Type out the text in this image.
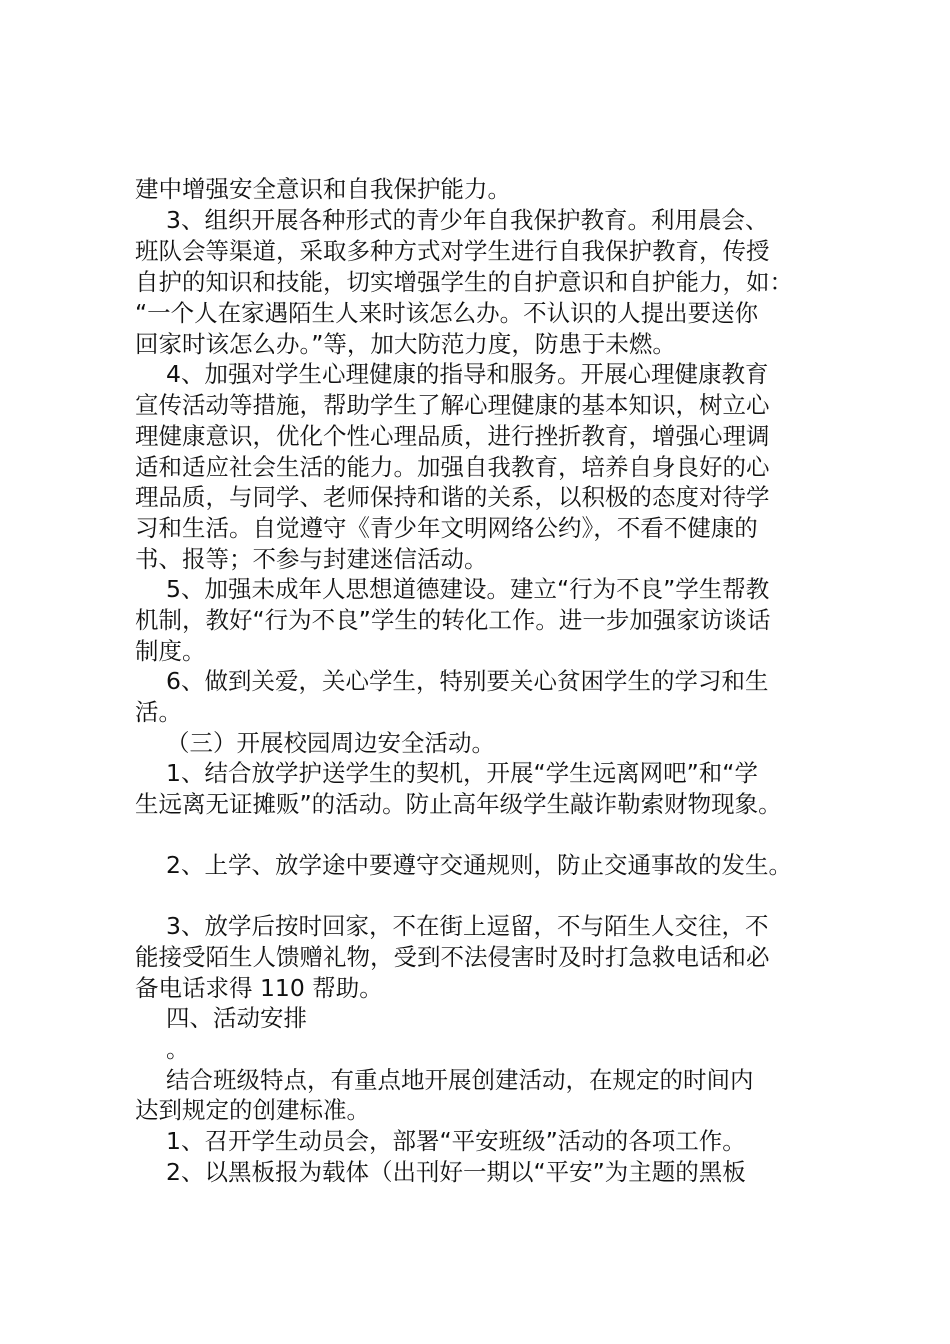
建中增强安全意识和自我保护能力。
3、组织开展各种形式的青少年自我保护教育。利用晨会、
班队会等渠道，采取多种方式对学生进行自我保护教育，传授
自护的知识和技能，切实增强学生的自护意识和自护能力，如：
“一个人在家遇陌生人来时该怎么办。不认识的人提出要送你
回家时该怎么办。”等，加大防范力度，防患于未燃。
4、加强对学生心理健康的指导和服务。开展心理健康教育
宣传活动等措施，帮助学生了解心理健康的基本知识，树立心
理健康意识，优化个性心理品质，进行挫折教育，增强心理调
适和适应社会生活的能力。加强自我教育，培养自身良好的心
理品质，与同学、老师保持和谐的关系，以积极的态度对待学
习和生活。自觉遵守《青少年文明网络公约》，不看不健康的
书、报等；不参与封建迷信活动。
5、加强未成年人思想道德建设。建立“行为不良”学生帮教
机制，教好“行为不良”学生的转化工作。进一步加强家访谈话
制度。
6、做到关爱，关心学生，特别要关心贫困学生的学习和生
活。
（三）开展校园周边安全活动。
1、结合放学护送学生的契机，开展“学生远离网吧”和“学
生远离无证摊贩”的活动。防止高年级学生敲诈勒索财物现象。
2、上学、放学途中要遵守交通规则，防止交通事故的发生。
3、放学后按时回家，不在街上逗留，不与陌生人交往，不
能接受陌生人馈赠礼物，受到不法侵害时及时打急救电话和必
备电话求得 110 帮助。
四、活动安排
。
结合班级特点，有重点地开展创建活动，在规定的时间内
达到规定的创建标准。
1、召开学生动员会，部署“平安班级”活动的各项工作。
2、以黑板报为载体（出刊好一期以“平安”为主题的黑板
